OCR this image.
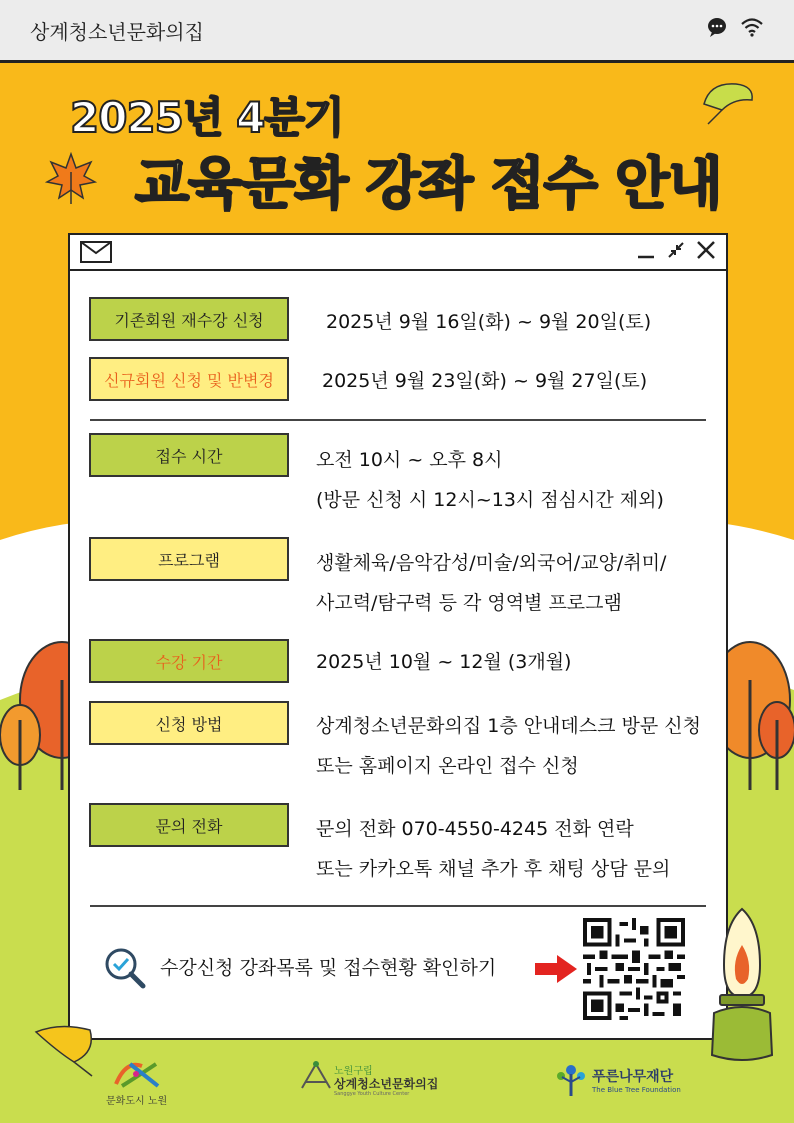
상계청소년문화의집
2025년 4분기
교육문화 강좌 접수 안내
기존회원 재수강 신청	2025년 9월 16일(화) ~ 9월 20일(토)
신규회원 신청 및 반변경	2025년 9월 23일(화) ~ 9월 27일(토)
접수 시간	오전 10시 ~ 오후 8시
(방문 신청 시 12시~13시 점심시간 제외)
프로그램	생활체육/음악감성/미술/외국어/교양/취미/
사고력/탐구력 등 각 영역별 프로그램
수강 기간	2025년 10월 ~ 12월 (3개월)
신청 방법	상계청소년문화의집 1층 안내데스크 방문 신청
또는 홈페이지 온라인 접수 신청
문의 전화	문의 전화 070-4550-4245 전화 연락
또는 카카오톡 채널 추가 후 채팅 상담 문의
수강신청 강좌목록 및 접수현황 확인하기
문화도시 노원
노원구립
상계청소년문화의집
Sanggye Youth Culture Center
푸른나무재단
The Blue Tree Foundation
